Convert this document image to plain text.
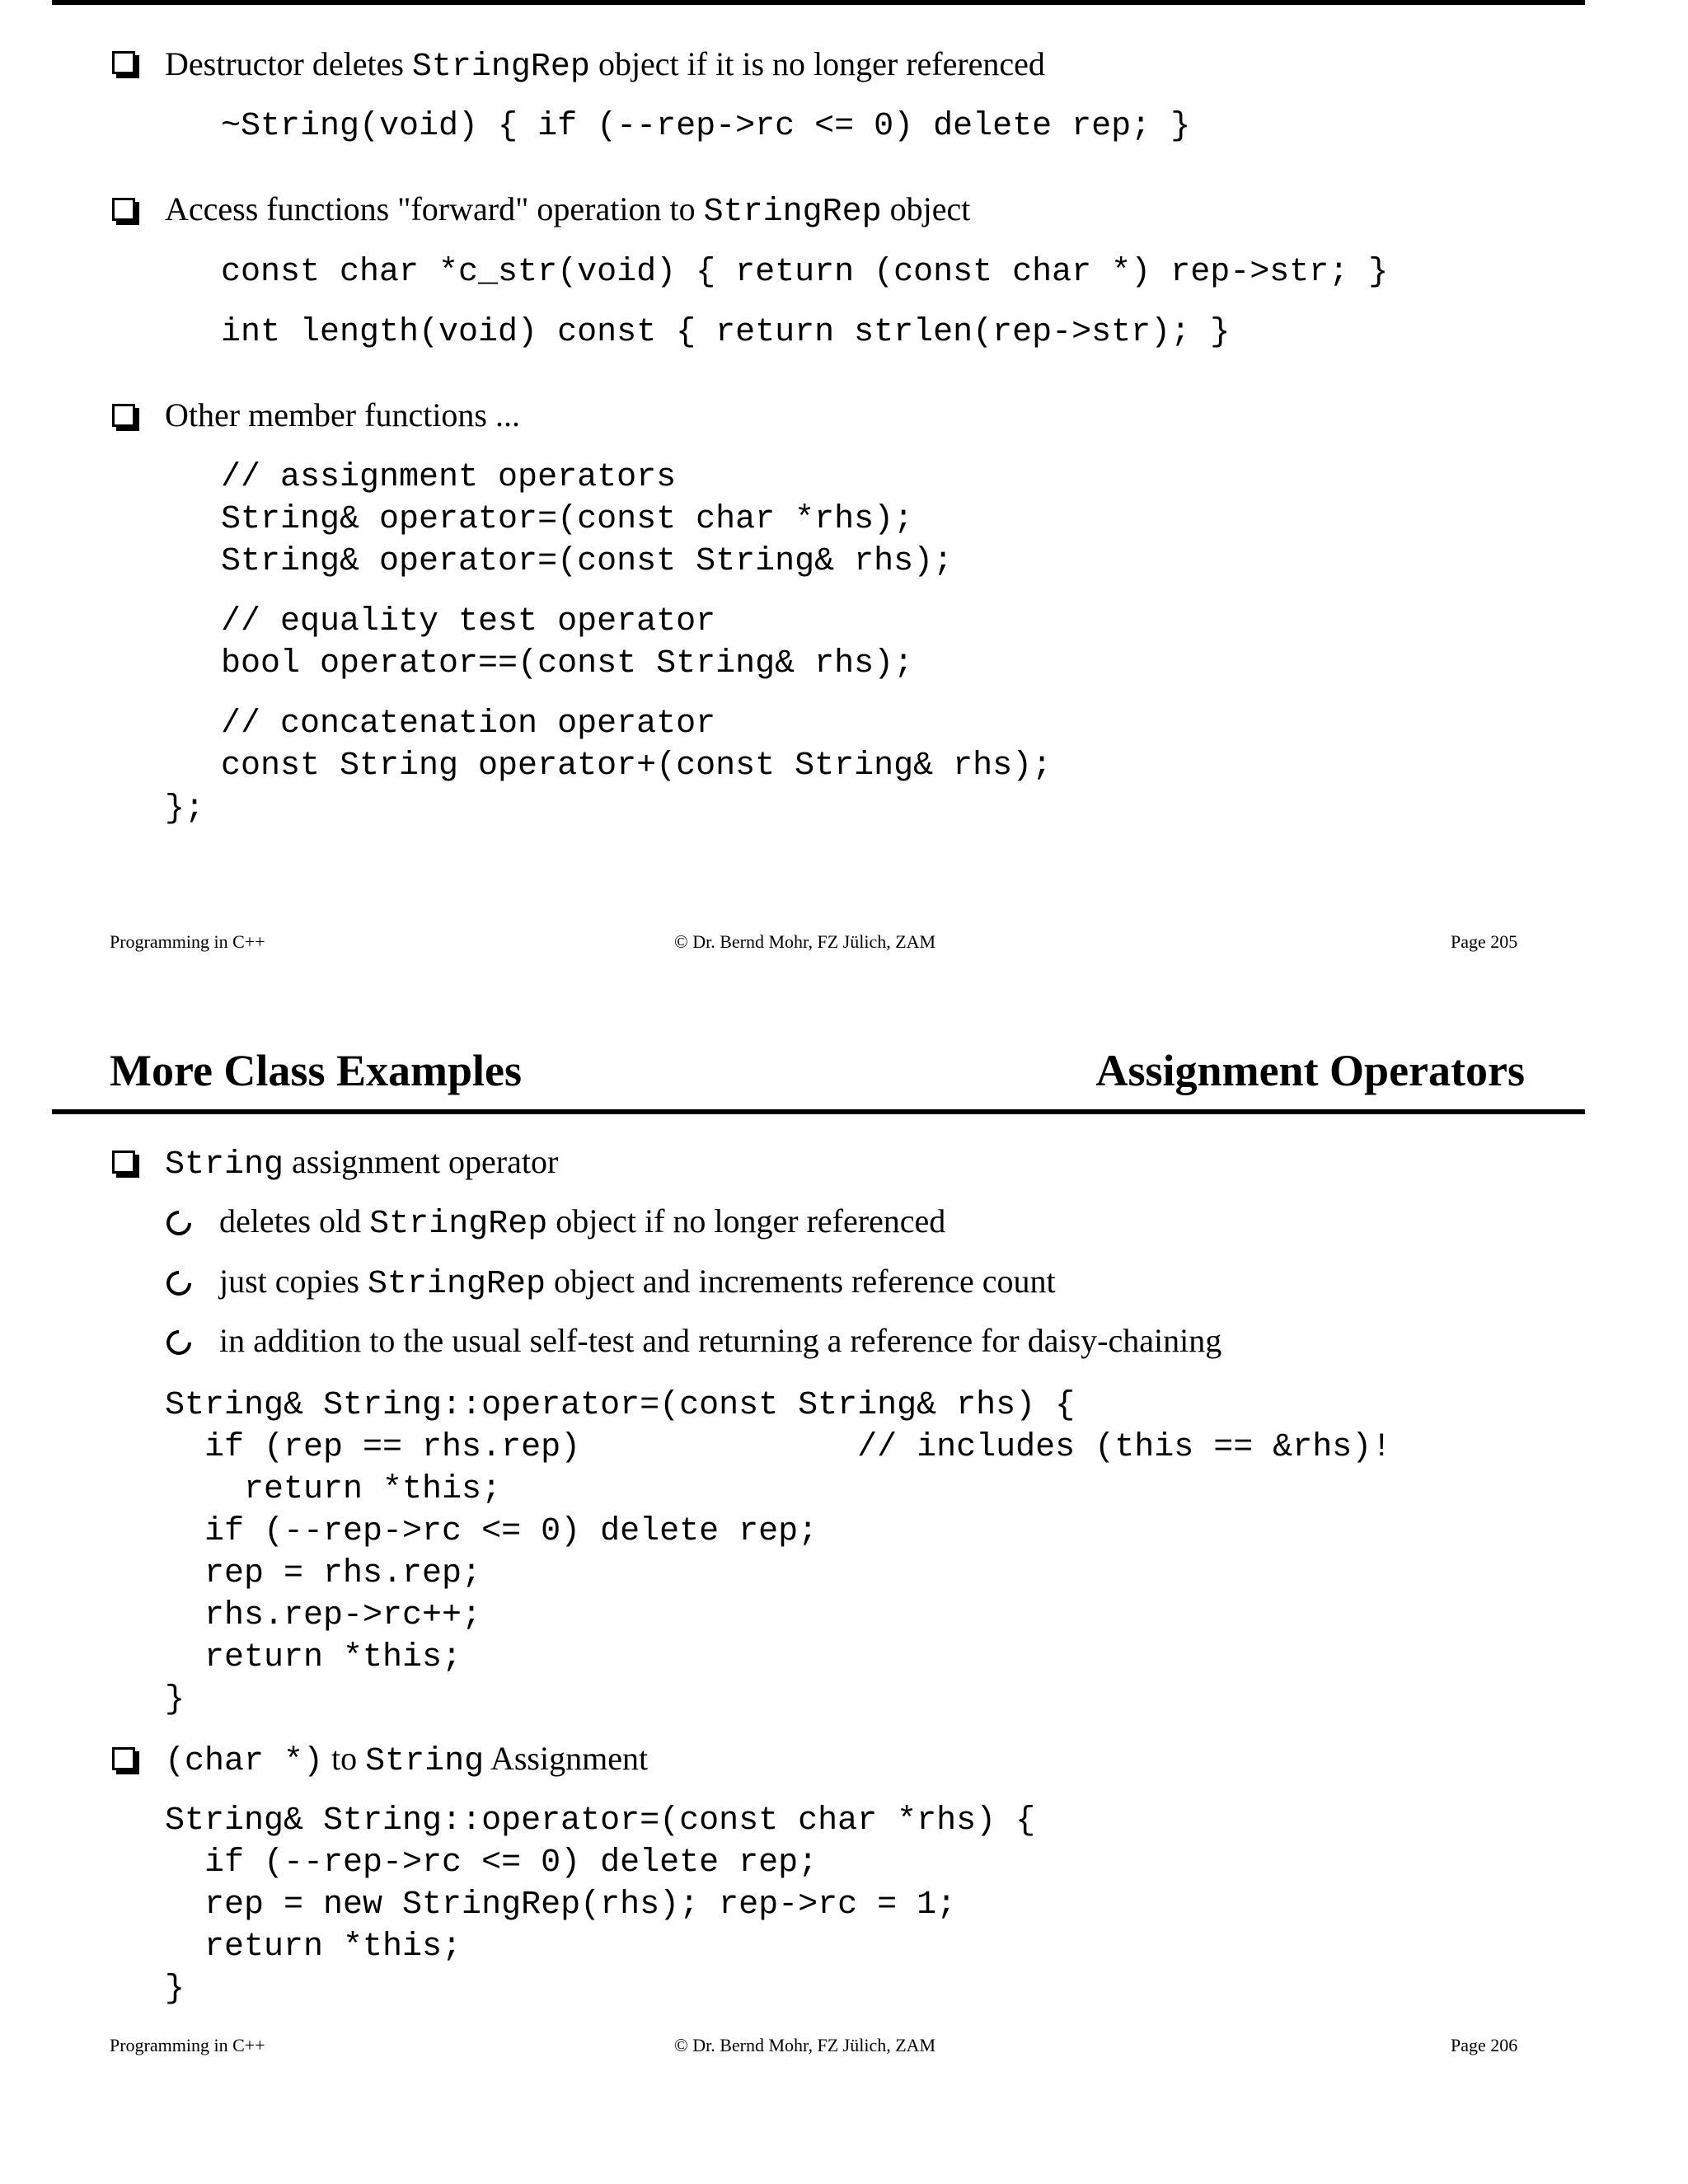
Destructor deletes StringRep object if it is no longer referenced
~String(void) { if (--rep->rc <= 0) delete rep; }
Access functions "forward" operation to StringRep object
const char *c_str(void) { return (const char *) rep->str; }
int length(void) const { return strlen(rep->str); }
Other member functions ...
// assignment operators
String& operator=(const char *rhs);
String& operator=(const String& rhs);
// equality test operator
bool operator==(const String& rhs);
// concatenation operator
const String operator+(const String& rhs);
};
Programming in C++	© Dr. Bernd Mohr, FZ Jülich, ZAM	Page 205
More Class Examples	Assignment Operators
String assignment operator
deletes old StringRep object if no longer referenced
just copies StringRep object and increments reference count
in addition to the usual self-test and returning a reference for daisy-chaining
String& String::operator=(const String& rhs) {
if (rep == rhs.rep)              // includes (this == &rhs)!
return *this;
if (--rep->rc <= 0) delete rep;
rep = rhs.rep;
rhs.rep->rc++;
return *this;
}
(char *) to String Assignment
String& String::operator=(const char *rhs) {
if (--rep->rc <= 0) delete rep;
rep = new StringRep(rhs); rep->rc = 1;
return *this;
}
Programming in C++	© Dr. Bernd Mohr, FZ Jülich, ZAM	Page 206
